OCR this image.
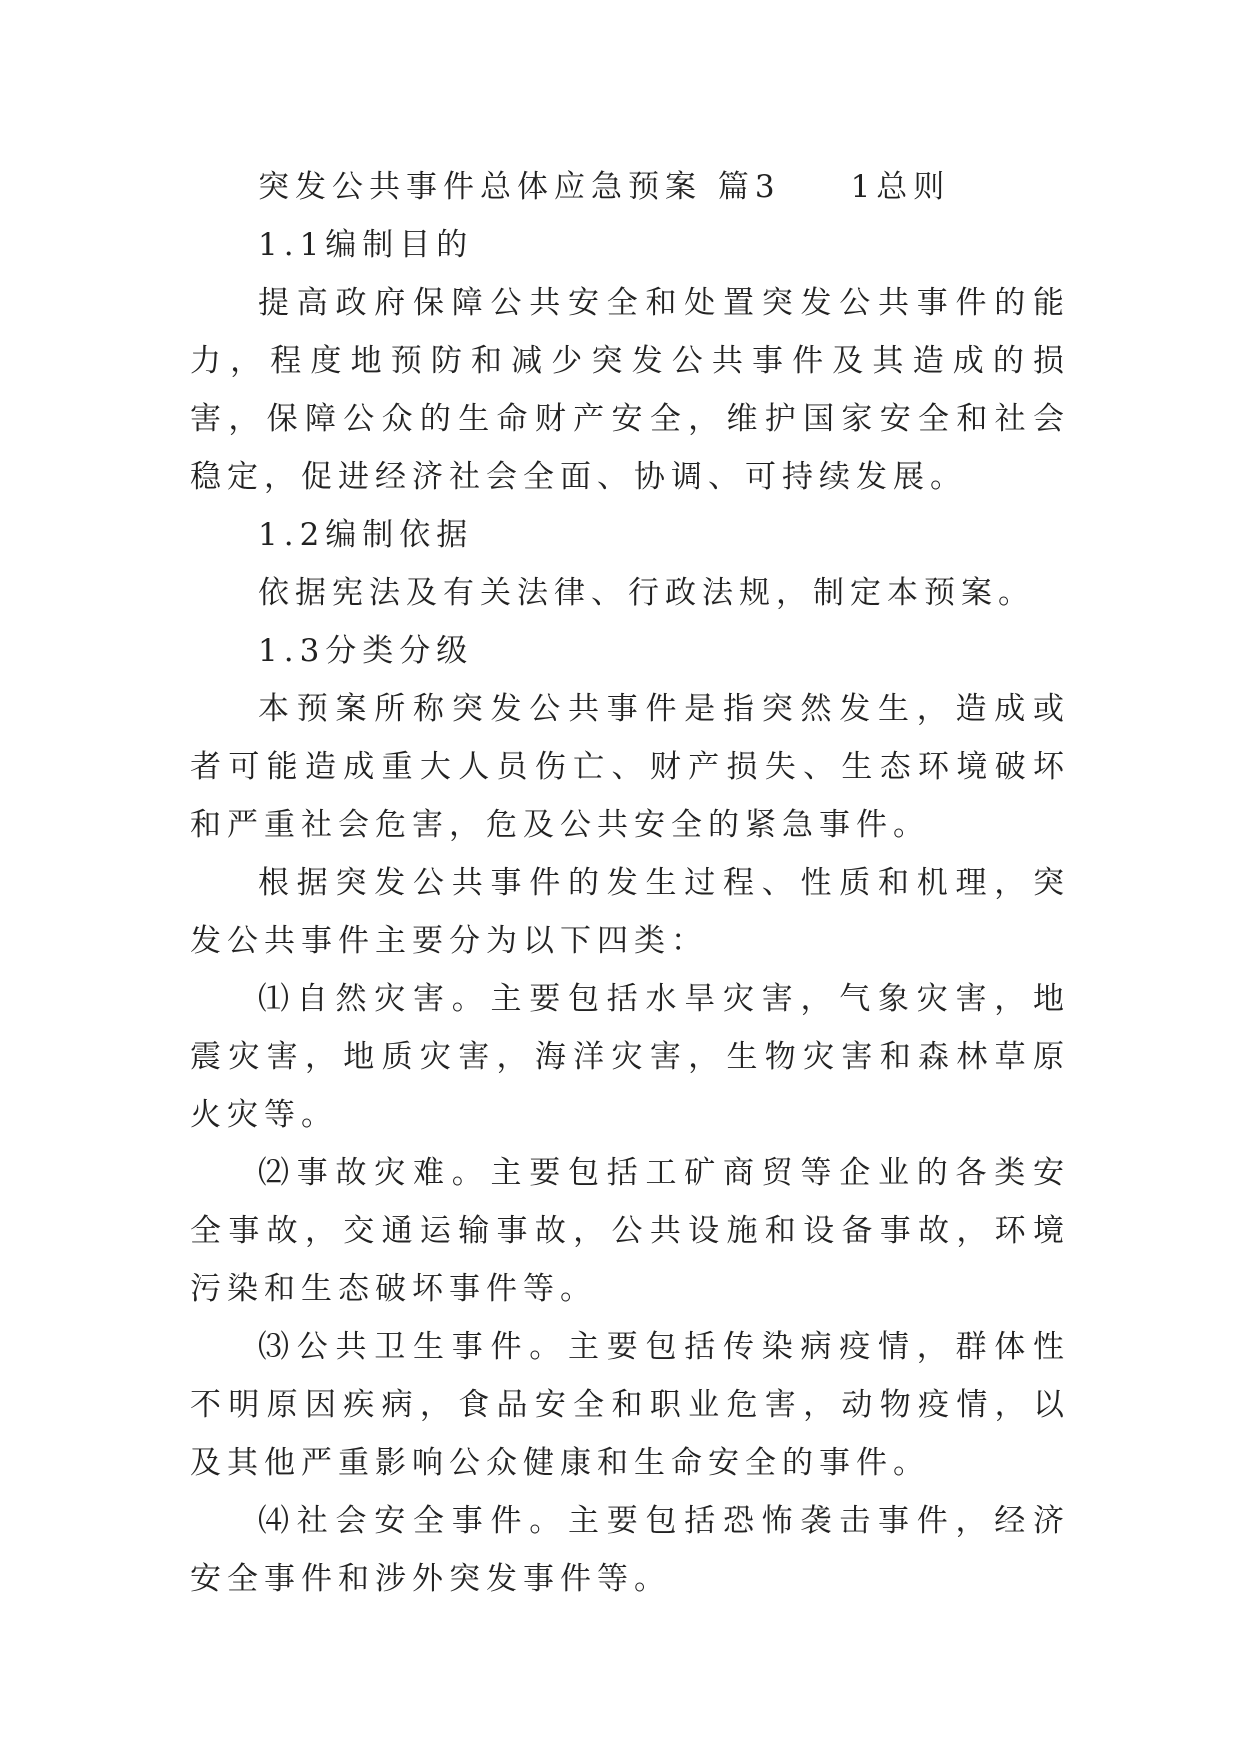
突发公共事件总体应急预案 篇3 1总则

1.1编制目的

提高政府保障公共安全和处置突发公共事件的能力，程度地预防和减少突发公共事件及其造成的损害，保障公众的生命财产安全，维护国家安全和社会稳定，促进经济社会全面、协调、可持续发展。

1.2编制依据

依据宪法及有关法律、行政法规，制定本预案。

1.3分类分级

本预案所称突发公共事件是指突然发生，造成或者可能造成重大人员伤亡、财产损失、生态环境破坏和严重社会危害，危及公共安全的紧急事件。

根据突发公共事件的发生过程、性质和机理，突发公共事件主要分为以下四类：

⑴自然灾害。主要包括水旱灾害，气象灾害，地震灾害，地质灾害，海洋灾害，生物灾害和森林草原火灾等。

⑵事故灾难。主要包括工矿商贸等企业的各类安全事故，交通运输事故，公共设施和设备事故，环境污染和生态破坏事件等。

⑶公共卫生事件。主要包括传染病疫情，群体性不明原因疾病，食品安全和职业危害，动物疫情，以及其他严重影响公众健康和生命安全的事件。

⑷社会安全事件。主要包括恐怖袭击事件，经济安全事件和涉外突发事件等。
